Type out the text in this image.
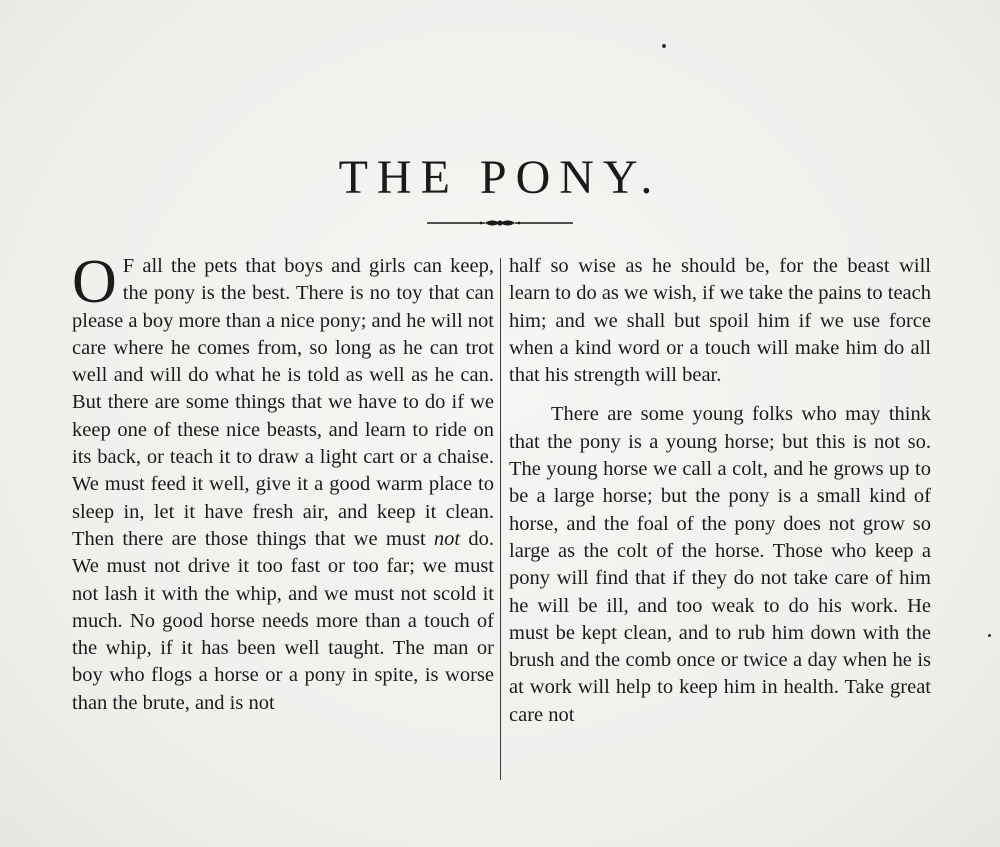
THE PONY.

O F all the pets that boys and girls can keep, the pony is the best. There is no toy that can please a boy more than a nice pony; and he will not care where he comes from, so long as he can trot well and will do what he is told as well as he can. But there are some things that we have to do if we keep one of these nice beasts, and learn to ride on its back, or teach it to draw a light cart or a chaise. We must feed it well, give it a good warm place to sleep in, let it have fresh air, and keep it clean. Then there are those things that we must not do. We must not drive it too fast or too far; we must not lash it with the whip, and we must not scold it much. No good horse needs more than a touch of the whip, if it has been well taught. The man or boy who flogs a horse or a pony in spite, is worse than the brute, and is not

half so wise as he should be, for the beast will learn to do as we wish, if we take the pains to teach him; and we shall but spoil him if we use force when a kind word or a touch will make him do all that his strength will bear.

There are some young folks who may think that the pony is a young horse; but this is not so. The young horse we call a colt, and he grows up to be a large horse; but the pony is a small kind of horse, and the foal of the pony does not grow so large as the colt of the horse. Those who keep a pony will find that if they do not take care of him he will be ill, and too weak to do his work. He must be kept clean, and to rub him down with the brush and the comb once or twice a day when he is at work will help to keep him in health. Take great care not
